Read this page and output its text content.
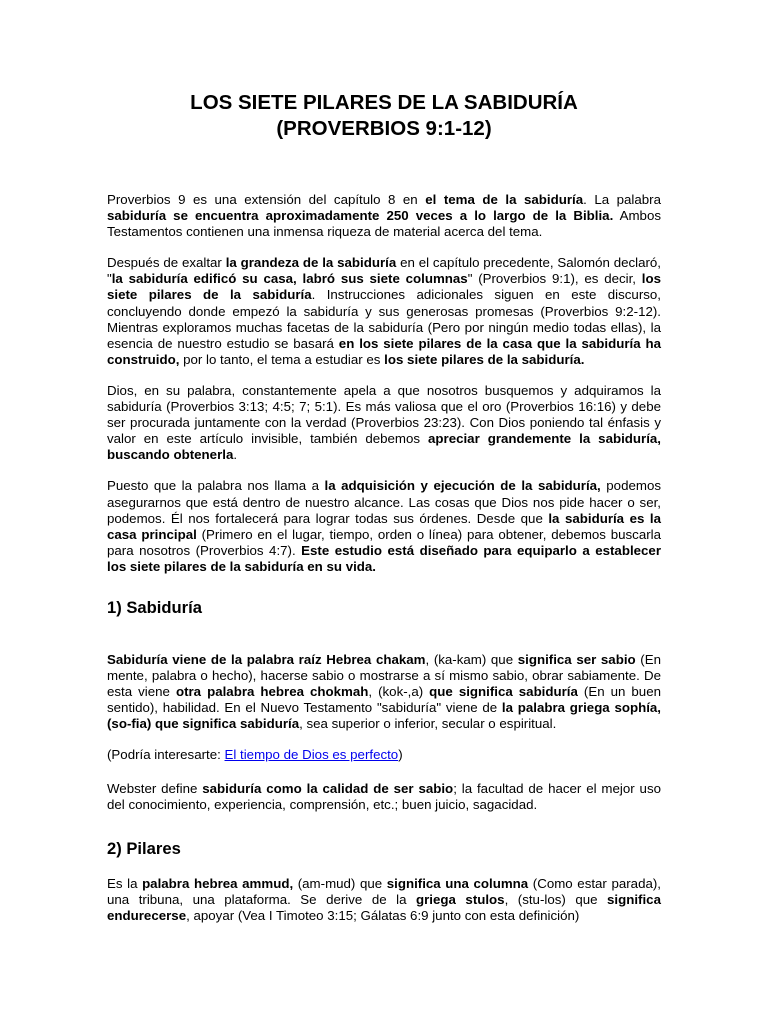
LOS SIETE PILARES DE LA SABIDURÍA
(PROVERBIOS 9:1-12)

Proverbios 9 es una extensión del capítulo 8 en el tema de la sabiduría. La palabra sabiduría se encuentra aproximadamente 250 veces a lo largo de la Biblia. Ambos Testamentos contienen una inmensa riqueza de material acerca del tema.

Después de exaltar la grandeza de la sabiduría en el capítulo precedente, Salomón declaró, "la sabiduría edificó su casa, labró sus siete columnas" (Proverbios 9:1), es decir, los siete pilares de la sabiduría. Instrucciones adicionales siguen en este discurso, concluyendo donde empezó la sabiduría y sus generosas promesas (Proverbios 9:2-12). Mientras exploramos muchas facetas de la sabiduría (Pero por ningún medio todas ellas), la esencia de nuestro estudio se basará en los siete pilares de la casa que la sabiduría ha construido, por lo tanto, el tema a estudiar es los siete pilares de la sabiduría.

Dios, en su palabra, constantemente apela a que nosotros busquemos y adquiramos la sabiduría (Proverbios 3:13; 4:5; 7; 5:1). Es más valiosa que el oro (Proverbios 16:16) y debe ser procurada juntamente con la verdad (Proverbios 23:23). Con Dios poniendo tal énfasis y valor en este artículo invisible, también debemos apreciar grandemente la sabiduría, buscando obtenerla.

Puesto que la palabra nos llama a la adquisición y ejecución de la sabiduría, podemos asegurarnos que está dentro de nuestro alcance. Las cosas que Dios nos pide hacer o ser, podemos. Él nos fortalecerá para lograr todas sus órdenes. Desde que la sabiduría es la casa principal (Primero en el lugar, tiempo, orden o línea) para obtener, debemos buscarla para nosotros (Proverbios 4:7). Este estudio está diseñado para equiparlo a establecer los siete pilares de la sabiduría en su vida.

1) Sabiduría

Sabiduría viene de la palabra raíz Hebrea chakam, (ka-kam) que significa ser sabio (En mente, palabra o hecho), hacerse sabio o mostrarse a sí mismo sabio, obrar sabiamente. De esta viene otra palabra hebrea chokmah, (kok-,a) que significa sabiduría (En un buen sentido), habilidad. En el Nuevo Testamento "sabiduría" viene de la palabra griega sophía, (so-fia) que significa sabiduría, sea superior o inferior, secular o espiritual.

(Podría interesarte: El tiempo de Dios es perfecto)

Webster define sabiduría como la calidad de ser sabio; la facultad de hacer el mejor uso del conocimiento, experiencia, comprensión, etc.; buen juicio, sagacidad.

2) Pilares

Es la palabra hebrea ammud, (am-mud) que significa una columna (Como estar parada), una tribuna, una plataforma. Se derive de la griega stulos, (stu-los) que significa endurecerse, apoyar (Vea I Timoteo 3:15; Gálatas 6:9 junto con esta definición)
